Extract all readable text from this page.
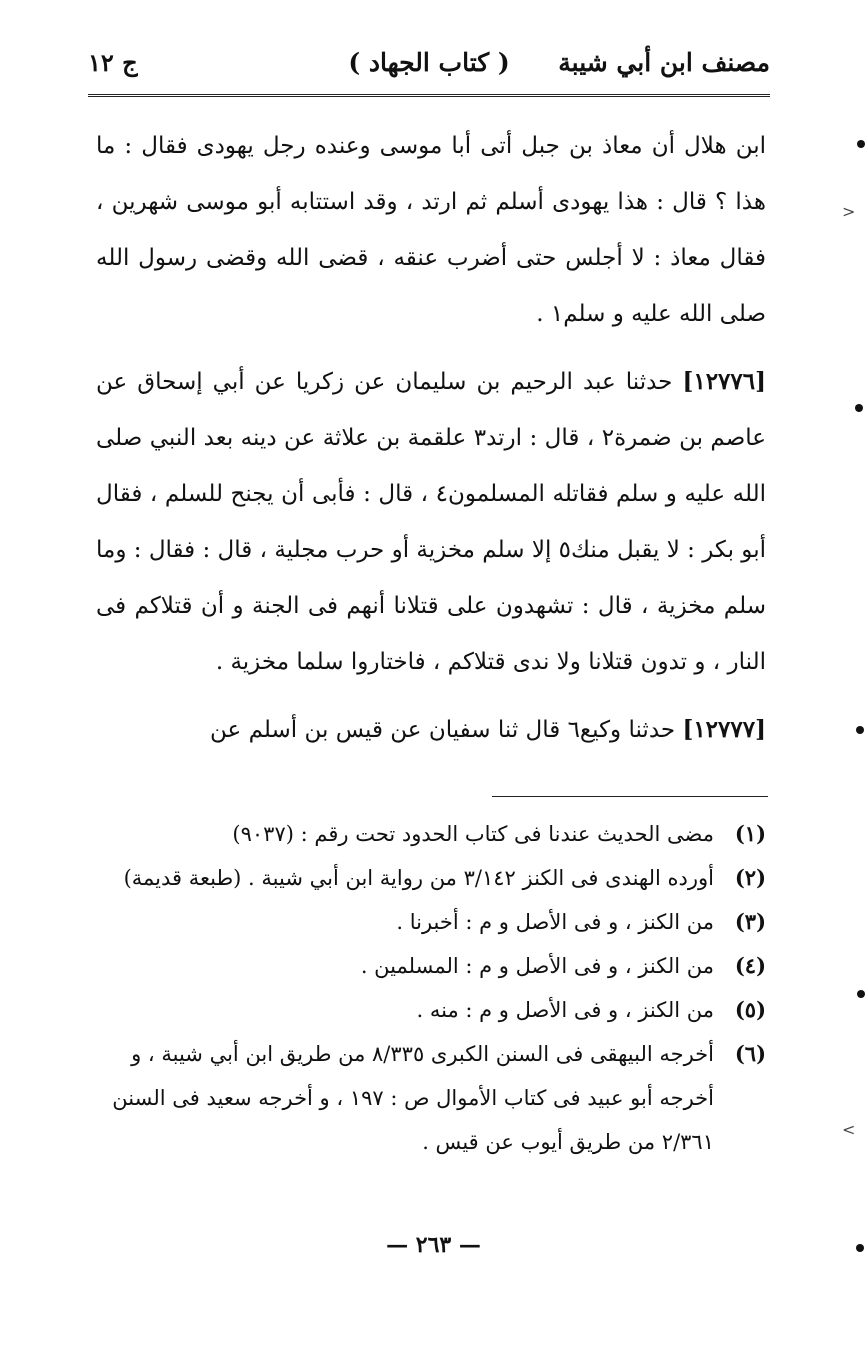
مصنف ابن أبي شيبة
( كتاب الجهاد )
ج ١٢

ابن هلال أن معاذ بن جبل أتى أبا موسى وعنده رجل يهودى فقال : ما هذا ؟ قال : هذا يهودى أسلم ثم ارتد ، وقد استتابه أبو موسى شهرين ، فقال معاذ : لا أجلس حتى أضرب عنقه ، قضى الله وقضى رسول الله صلى الله عليه و سلم١ .

[١٢٧٧٦] حدثنا عبد الرحيم بن سليمان عن زكريا عن أبي إسحاق عن عاصم بن ضمرة٢ ، قال : ارتد٣ علقمة بن علاثة عن دينه بعد النبي صلى الله عليه و سلم فقاتله المسلمون٤ ، قال : فأبى أن يجنح للسلم ، فقال أبو بكر : لا يقبل منك٥ إلا سلم مخزية أو حرب مجلية ، قال : فقال : وما سلم مخزية ، قال : تشهدون على قتلانا أنهم فى الجنة و أن قتلاكم فى النار ، و تدون قتلانا ولا ندى قتلاكم ، فاختاروا سلما مخزية .

[١٢٧٧٧] حدثنا وكيع٦ قال ثنا سفيان عن قيس بن أسلم عن

(١)مضى الحديث عندنا فى كتاب الحدود تحت رقم : (٩٠٣٧)

(٢)أورده الهندى فى الكنز ٣/١٤٢ من رواية ابن أبي شيبة . (طبعة قديمة)

(٣)من الكنز ، و فى الأصل و م : أخبرنا .

(٤)من الكنز ، و فى الأصل و م : المسلمين .

(٥)من الكنز ، و فى الأصل و م : منه .

(٦)أخرجه البيهقى فى السنن الكبرى ٨/٣٣٥ من طريق ابن أبي شيبة ، و أخرجه أبو عبيد فى كتاب الأموال ص : ١٩٧ ، و أخرجه سعيد فى السنن ٢/٣٦١ من طريق أيوب عن قيس .

— ٢٦٣ —
>
<
